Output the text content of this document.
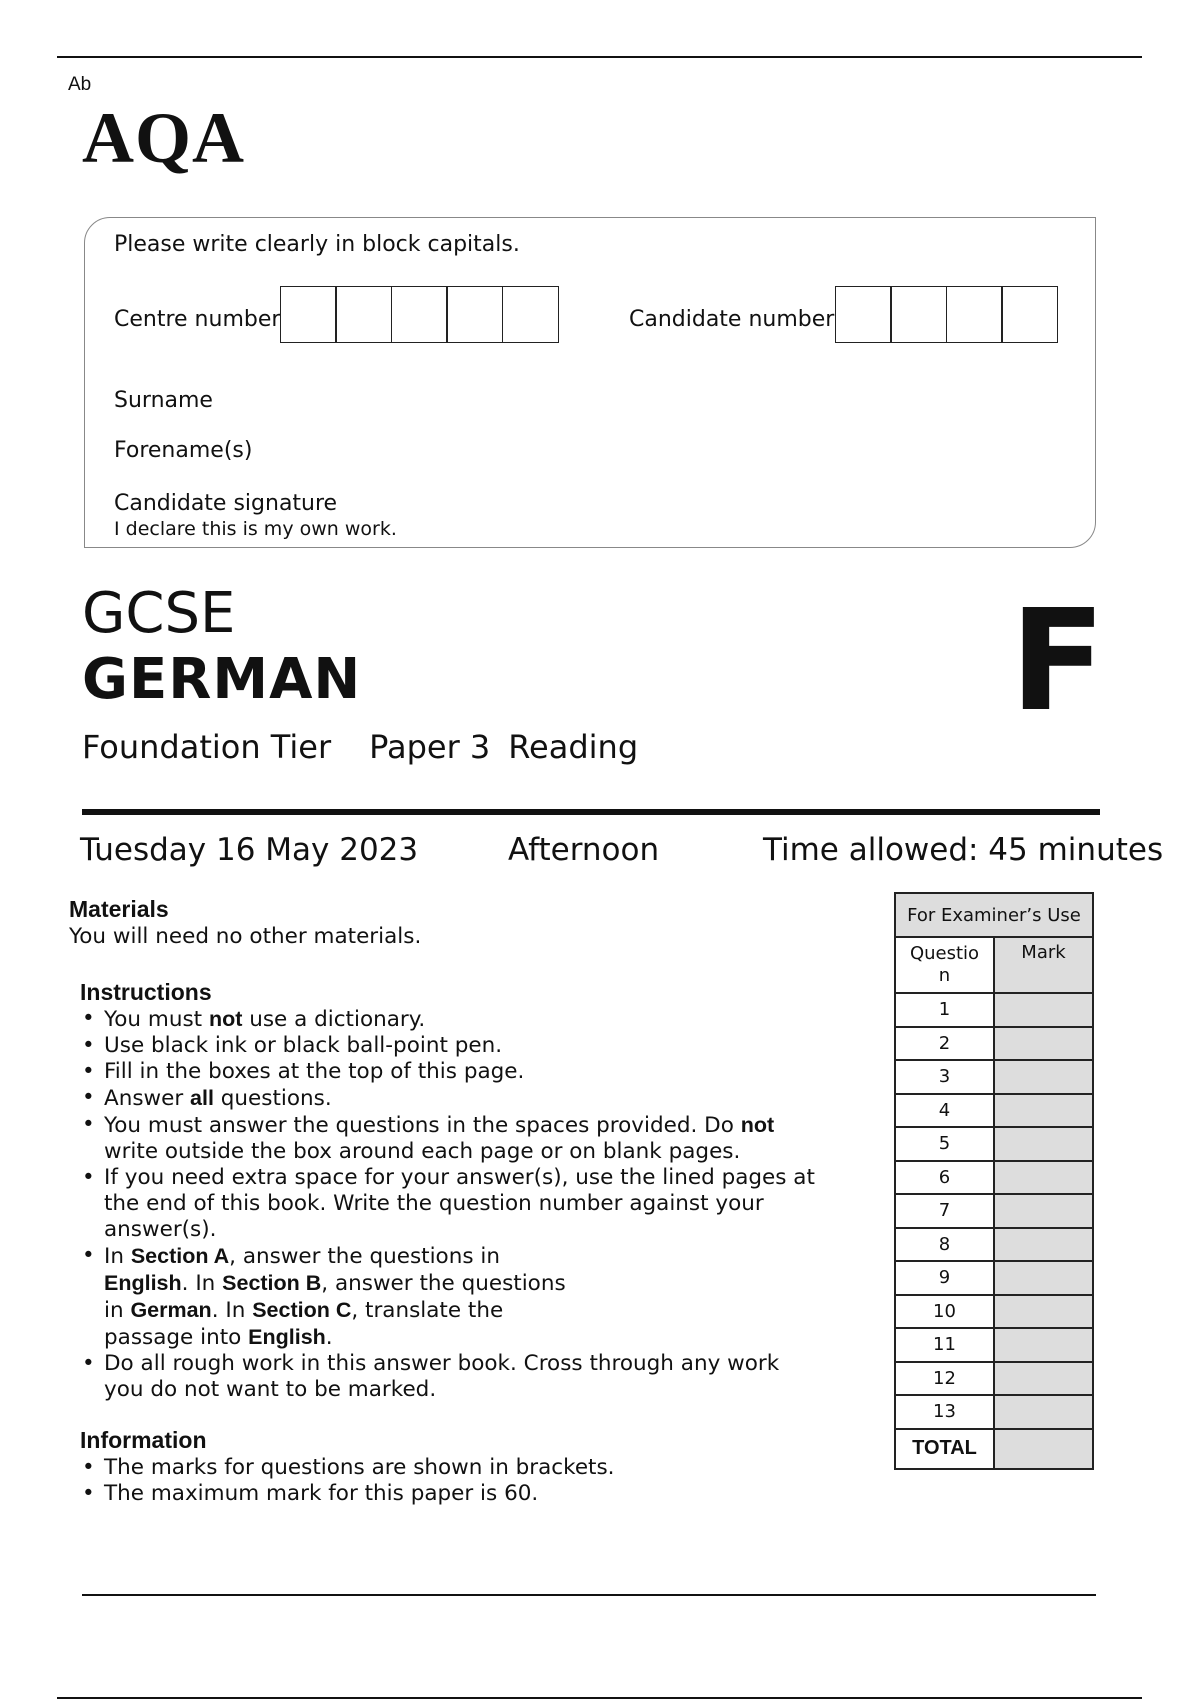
Ab
AQA
Please write clearly in block capitals.
Centre number	Candidate number
Surname
Forename(s)
Candidate signature
I declare this is my own work.
GCSE
GERMAN
Foundation Tier Paper 3 Reading
F
Tuesday 16 May 2023	Afternoon	Time allowed: 45 minutes
Materials
You will need no other materials.
Instructions
• You must not use a dictionary.
• Use black ink or black ball-point pen.
• Fill in the boxes at the top of this page.
• Answer all questions.
• You must answer the questions in the spaces provided. Do not
write outside the box around each page or on blank pages.
• If you need extra space for your answer(s), use the lined pages at
the end of this book. Write the question number against your
answer(s).
• In Section A, answer the questions in
English. In Section B, answer the questions
in German. In Section C, translate the
passage into English.
• Do all rough work in this answer book. Cross through any work
you do not want to be marked.
Information
• The marks for questions are shown in brackets.
• The maximum mark for this paper is 60.
For Examiner’s Use	
Questio
n	Mark
1	
2	
3	
4	
5	
6	
7	
8	
9	
10	
11	
12	
13	
TOTAL	
